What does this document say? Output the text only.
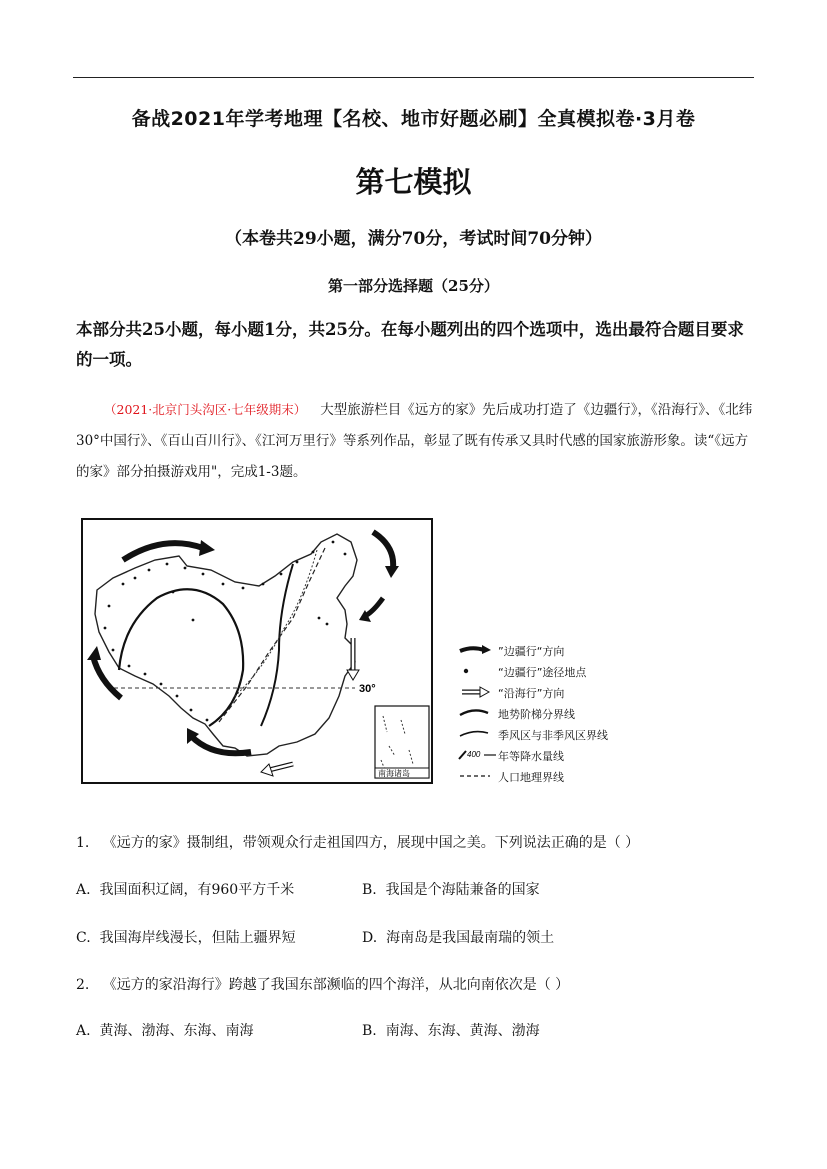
备战2021年学考地理【名校、地市好题必刷】全真模拟卷·3月卷
第七模拟
（本卷共29小题，满分70分，考试时间70分钟）
第一部分选择题（25分）
本部分共25小题，每小题1分，共25分。在每小题列出的四个选项中，选出最符合题目要求的一项。
（2021·北京门头沟区·七年级期末） 大型旅游栏目《远方的家》先后成功打造了《边疆行》，《沿海行》、《北纬30°中国行》、《百山百川行》、《江河万里行》等系列作品，彰显了既有传承又具时代感的国家旅游形象。读“《远方的家》部分拍摄游戏用"，完成1-3题。
30°
南海诸岛
”边疆行“方向
“边疆行”途径地点
“沿海行”方向
地势阶梯分界线
季风区与非季风区界线
400 年等降水量线
人口地理界线
1. 《远方的家》摄制组，带领观众行走祖国四方，展现中国之美。下列说法正确的是（ ）
A. 我国面积辽阔，有960平方千米	B. 我国是个海陆兼备的国家
C. 我国海岸线漫长，但陆上疆界短	D. 海南岛是我国最南瑞的领土
2. 《远方的家沿海行》跨越了我国东部濒临的四个海洋，从北向南依次是（ ）
A. 黄海、渤海、东海、南海	B. 南海、东海、黄海、渤海
